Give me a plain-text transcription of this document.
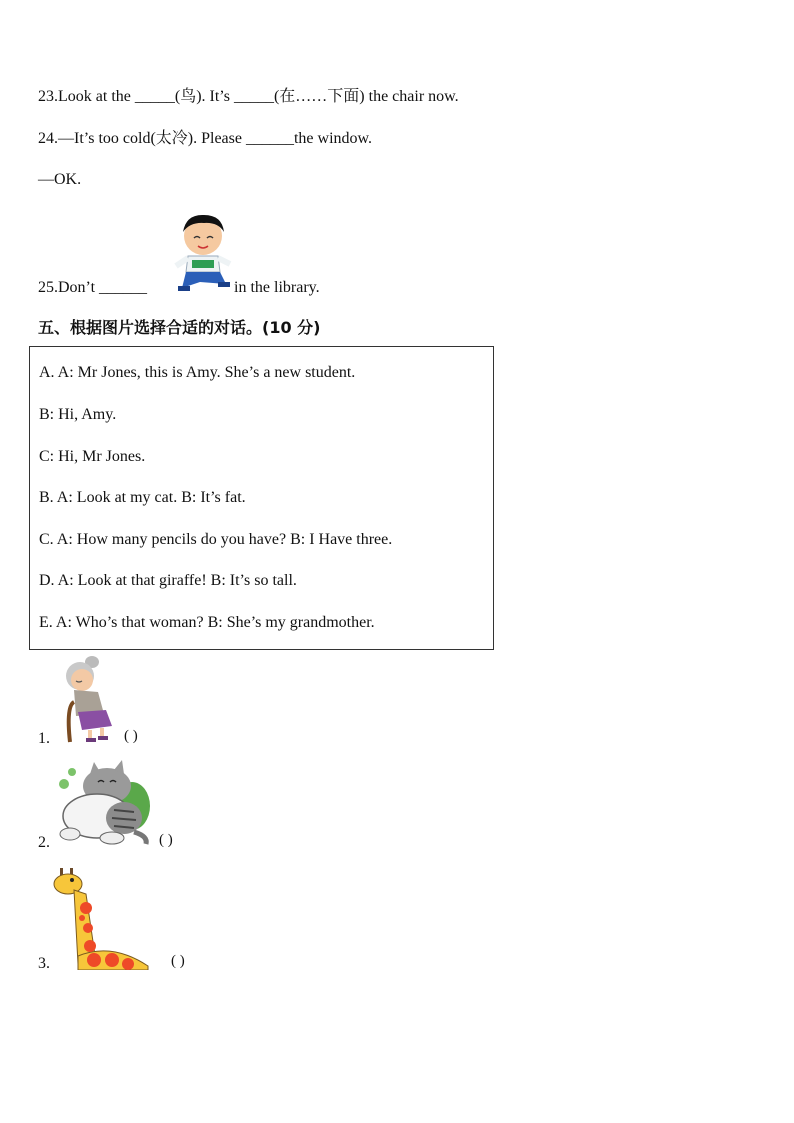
23.Look at the _____(鸟). It’s _____(在……下面) the chair now.
24.—It’s too cold(太冷). Please ______the window.
—OK.
25.Don’t ______	in the library.
五、根据图片选择合适的对话。(10 分)
A. A: Mr Jones, this is Amy. She’s a new student.
B: Hi, Amy.
C: Hi, Mr Jones.
B. A: Look at my cat. B: It’s fat.
C. A: How many pencils do you have? B: I Have three.
D. A: Look at that giraffe! B: It’s so tall.
E. A: Who’s that woman? B: She’s my grandmother.
1.	( )
2.	( )
3.	( )
